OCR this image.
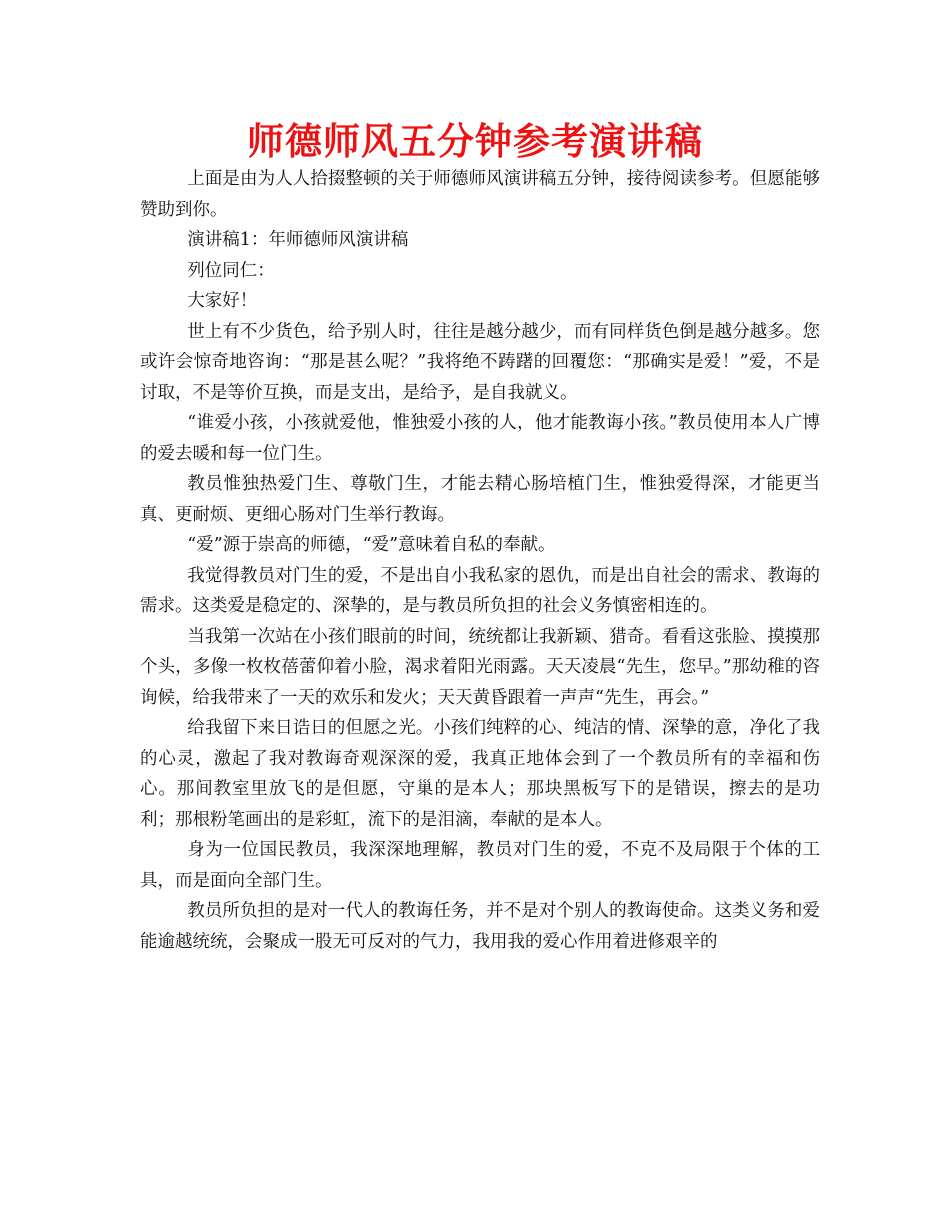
师德师风五分钟参考演讲稿

上面是由为人人拾掇整顿的关于师德师风演讲稿五分钟，接待阅读参考。但愿能够赞助到你。

演讲稿1：年师德师风演讲稿

列位同仁：

大家好！

世上有不少货色，给予别人时，往往是越分越少，而有同样货色倒是越分越多。您或许会惊奇地咨询：“那是甚么呢？”我将绝不踌躇的回覆您：“那确实是爱！”爱，不是讨取，不是等价互换，而是支出，是给予，是自我就义。

“谁爱小孩，小孩就爱他，惟独爱小孩的人，他才能教诲小孩。”教员使用本人广博的爱去暖和每一位门生。

教员惟独热爱门生、尊敬门生，才能去精心肠培植门生，惟独爱得深，才能更当真、更耐烦、更细心肠对门生举行教诲。

“爱”源于崇高的师德，“爱”意味着自私的奉献。

我觉得教员对门生的爱，不是出自小我私家的恩仇，而是出自社会的需求、教诲的需求。这类爱是稳定的、深挚的，是与教员所负担的社会义务慎密相连的。

当我第一次站在小孩们眼前的时间，统统都让我新颖、猎奇。看看这张脸、摸摸那个头，多像一枚枚蓓蕾仰着小脸，渴求着阳光雨露。天天凌晨“先生，您早。”那幼稚的咨询候，给我带来了一天的欢乐和发火；天天黄昏跟着一声声“先生，再会。”

给我留下来日诰日的但愿之光。小孩们纯粹的心、纯洁的情、深挚的意，净化了我的心灵，激起了我对教诲奇观深深的爱，我真正地体会到了一个教员所有的幸福和伤心。那间教室里放飞的是但愿，守巢的是本人；那块黑板写下的是错误，擦去的是功利；那根粉笔画出的是彩虹，流下的是泪滴，奉献的是本人。

身为一位国民教员，我深深地理解，教员对门生的爱，不克不及局限于个体的工具，而是面向全部门生。

教员所负担的是对一代人的教诲任务，并不是对个别人的教诲使命。这类义务和爱能逾越统统，会聚成一股无可反对的气力，我用我的爱心作用着进修艰辛的
